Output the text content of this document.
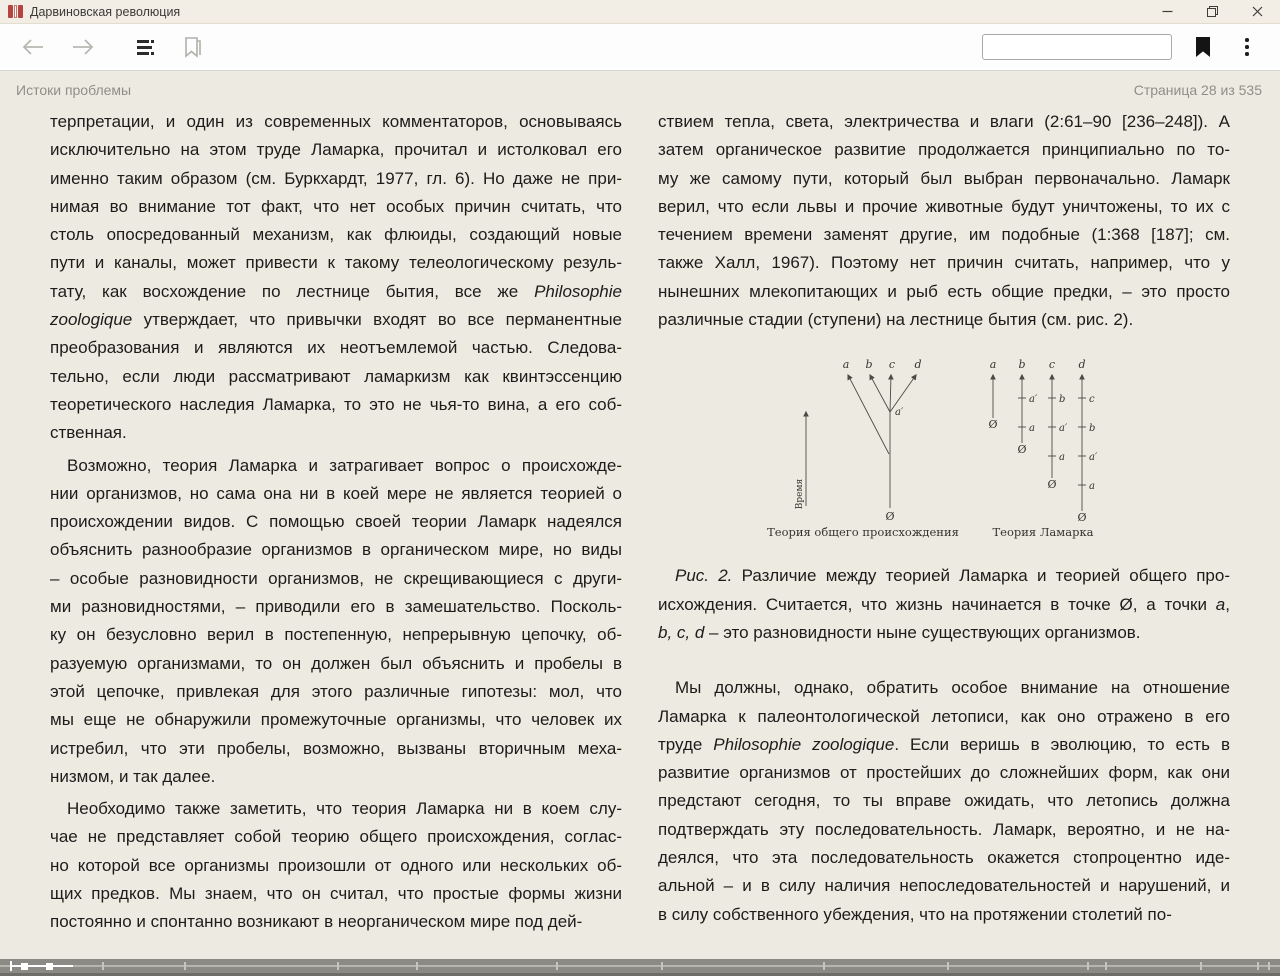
Дарвиновская революция
Истоки проблемы	Страница 28 из 535
терпретации, и один из современных комментаторов, основываясь
исключительно на этом труде Ламарка, прочитал и истолковал его
именно таким образом (см. Буркхардт, 1977, гл. 6). Но даже не при-
нимая во внимание тот факт, что нет особых причин считать, что
столь опосредованный механизм, как флюиды, создающий новые
пути и каналы, может привести к такому телеологическому резуль-
тату, как восхождение по лестнице бытия, все же Philosophie
zoologique утверждает, что привычки входят во все перманентные
преобразования и являются их неотъемлемой частью. Следова-
тельно, если люди рассматривают ламаркизм как квинтэссенцию
теоретического наследия Ламарка, то это не чья-то вина, а его соб-
ственная.
Возможно, теория Ламарка и затрагивает вопрос о происхожде-
нии организмов, но сама она ни в коей мере не является теорией о
происхождении видов. С помощью своей теории Ламарк надеялся
объяснить разнообразие организмов в органическом мире, но виды
– особые разновидности организмов, не скрещивающиеся с други-
ми разновидностями, – приводили его в замешательство. Посколь-
ку он безусловно верил в постепенную, непрерывную цепочку, об-
разуемую организмами, то он должен был объяснить и пробелы в
этой цепочке, привлекая для этого различные гипотезы: мол, что
мы еще не обнаружили промежуточные организмы, что человек их
истребил, что эти пробелы, возможно, вызваны вторичным меха-
низмом, и так далее.
Необходимо также заметить, что теория Ламарка ни в коем слу-
чае не представляет собой теорию общего происхождения, соглас-
но которой все организмы произошли от одного или нескольких об-
щих предков. Мы знаем, что он считал, что простые формы жизни
постоянно и спонтанно возникают в неорганическом мире под дей-
ствием тепла, света, электричества и влаги (2:61–90 [236–248]). А
затем органическое развитие продолжается принципиально по то-
му же самому пути, который был выбран первоначально. Ламарк
верил, что если львы и прочие животные будут уничтожены, то их с
течением времени заменят другие, им подобные (1:368 [187]; см.
также Халл, 1967). Поэтому нет причин считать, например, что у
нынешних млекопитающих и рыб есть общие предки, – это просто
различные стадии (ступени) на лестнице бытия (см. рис. 2).
Время
a b c d
a′
Ø
Теория общего происхождения
a
Ø
b
Ø
a
a′
c
Ø
a
a′
b
d
Ø
a
a′
b
c
Теория Ламарка
Рис. 2. Различие между теорией Ламарка и теорией общего про-
исхождения. Считается, что жизнь начинается в точке Ø, а точки a,
b, c, d – это разновидности ныне существующих организмов.
Мы должны, однако, обратить особое внимание на отношение
Ламарка к палеонтологической летописи, как оно отражено в его
труде Philosophie zoologique. Если веришь в эволюцию, то есть в
развитие организмов от простейших до сложнейших форм, как они
предстают сегодня, то ты вправе ожидать, что летопись должна
подтверждать эту последовательность. Ламарк, вероятно, и не на-
деялся, что эта последовательность окажется стопроцентно иде-
альной – и в силу наличия непоследовательностей и нарушений, и
в силу собственного убеждения, что на протяжении столетий по-
